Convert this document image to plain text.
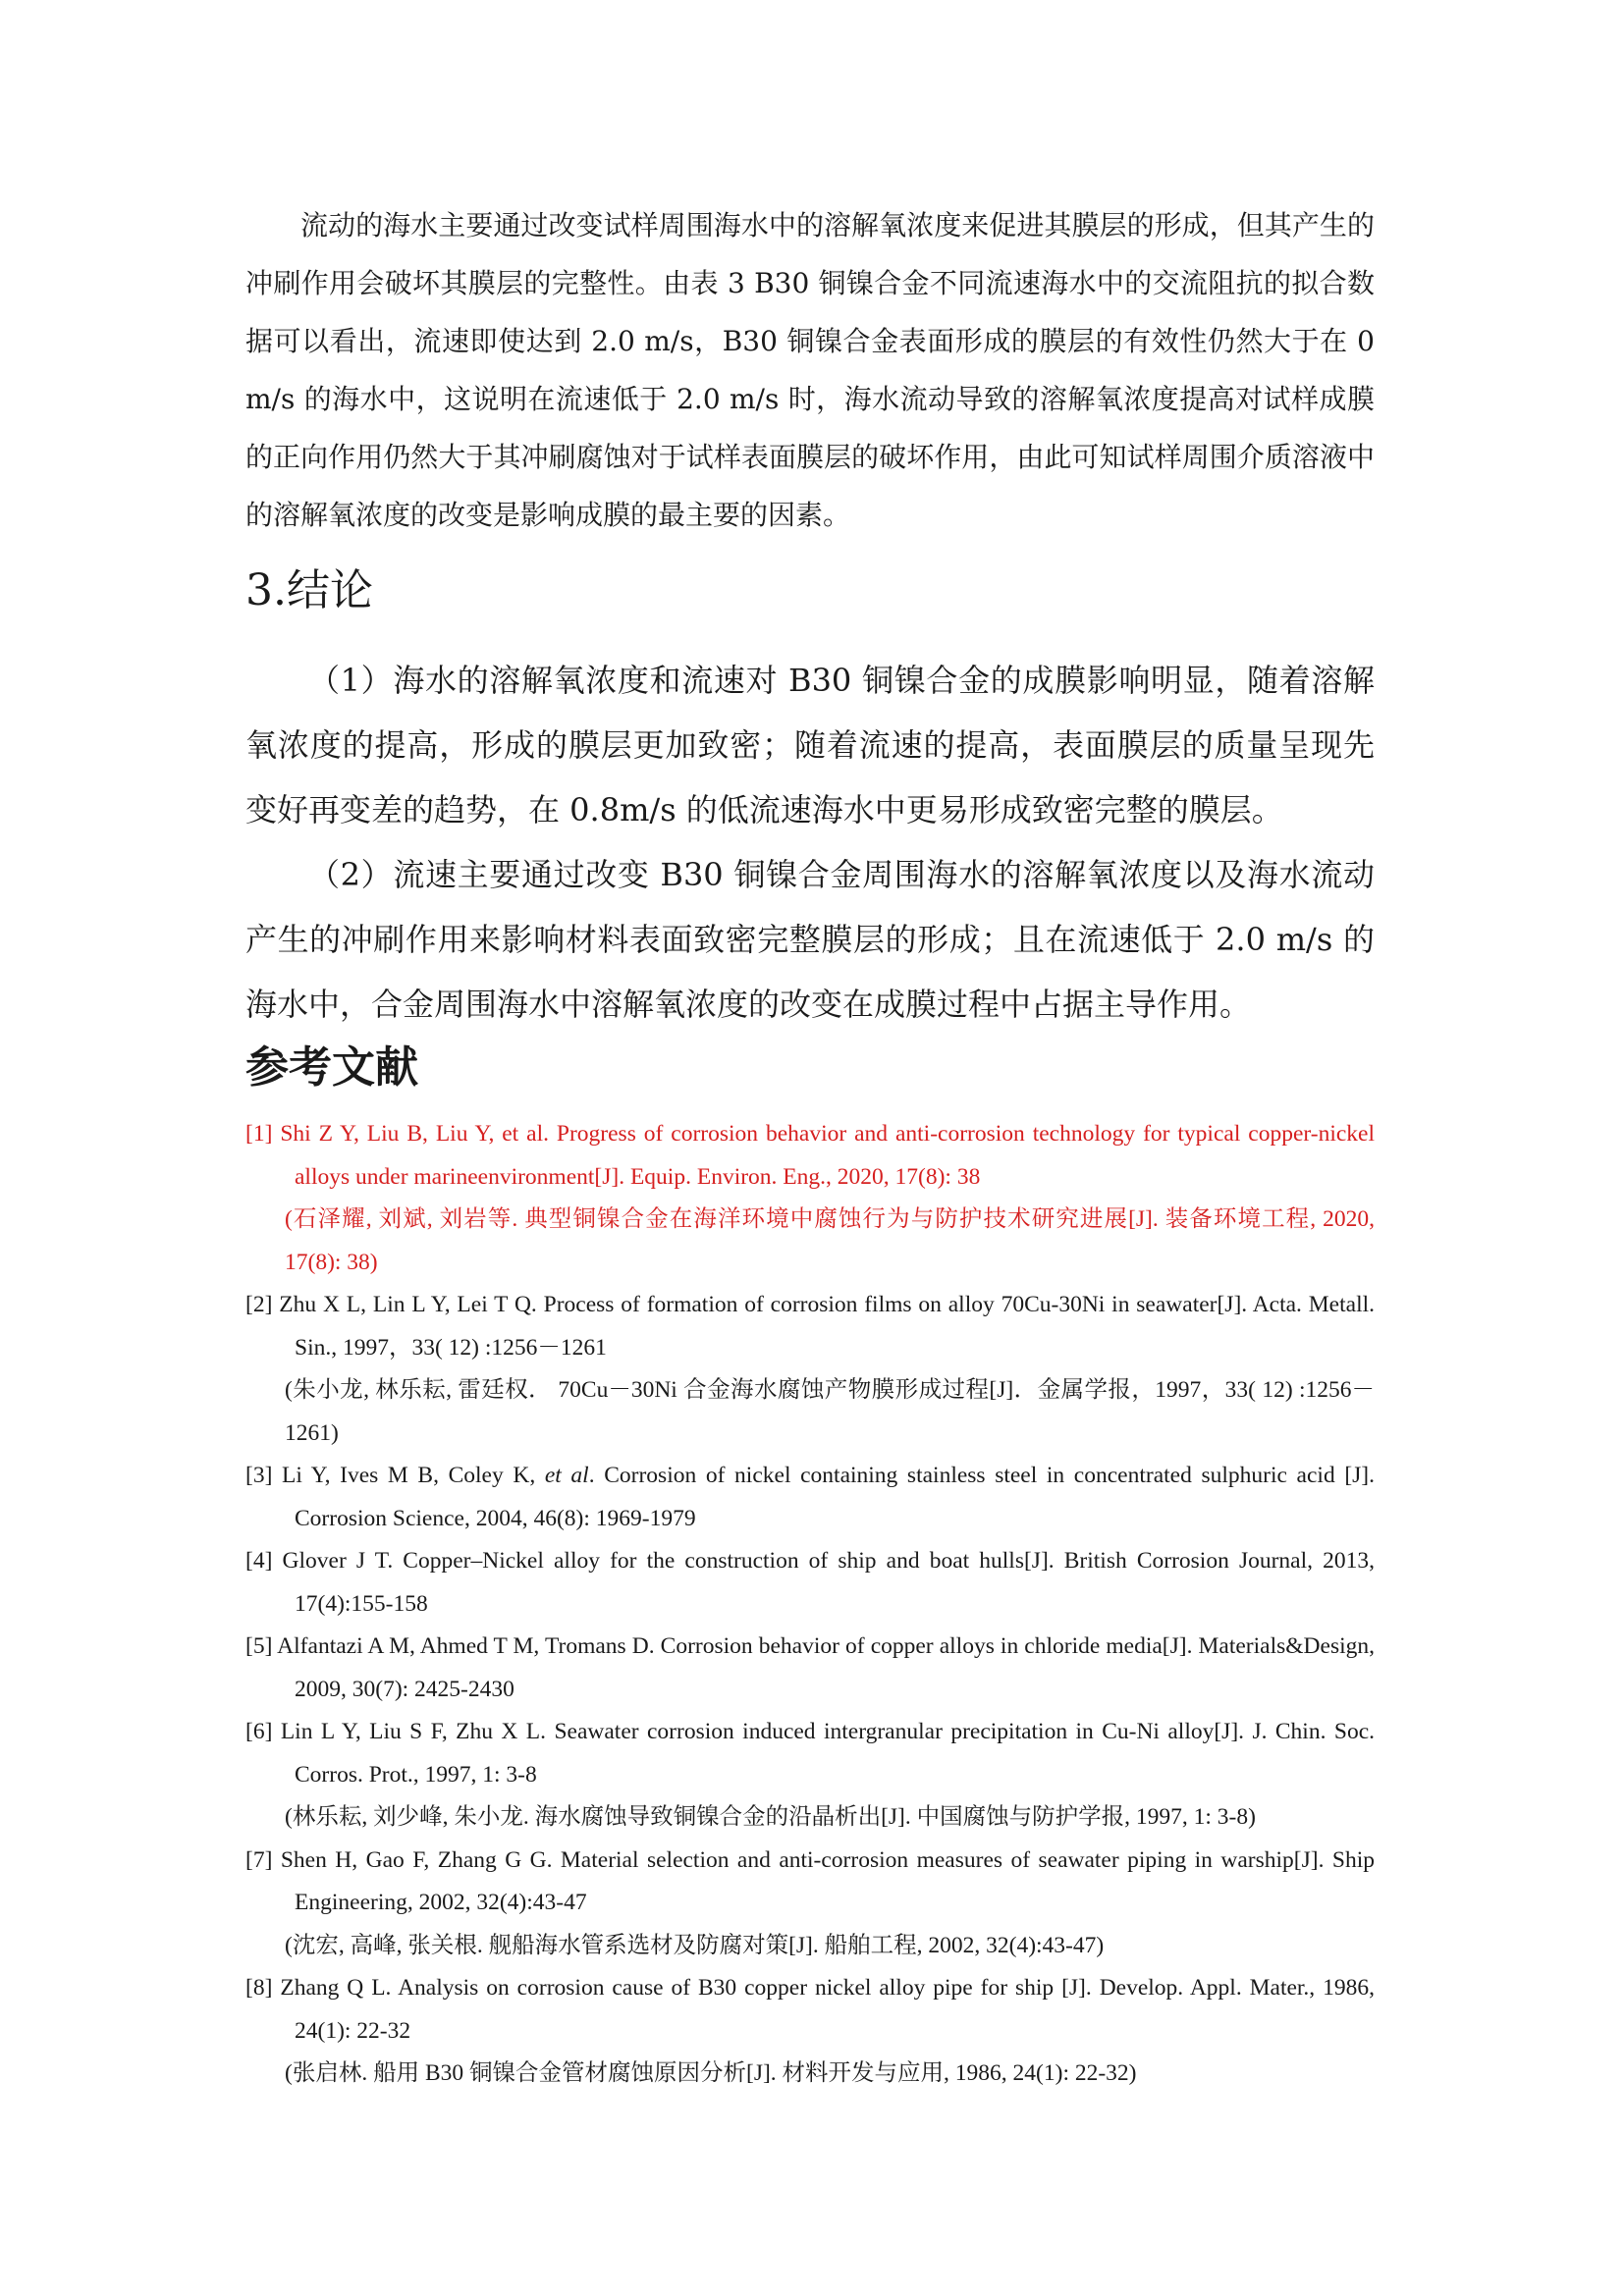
流动的海水主要通过改变试样周围海水中的溶解氧浓度来促进其膜层的形成，但其产生的冲刷作用会破坏其膜层的完整性。由表 3 B30 铜镍合金不同流速海水中的交流阻抗的拟合数据可以看出，流速即使达到 2.0 m/s，B30 铜镍合金表面形成的膜层的有效性仍然大于在 0 m/s 的海水中，这说明在流速低于 2.0 m/s 时，海水流动导致的溶解氧浓度提高对试样成膜的正向作用仍然大于其冲刷腐蚀对于试样表面膜层的破坏作用，由此可知试样周围介质溶液中的溶解氧浓度的改变是影响成膜的最主要的因素。

3.结论

（1）海水的溶解氧浓度和流速对 B30 铜镍合金的成膜影响明显，随着溶解氧浓度的提高，形成的膜层更加致密；随着流速的提高，表面膜层的质量呈现先变好再变差的趋势，在 0.8m/s 的低流速海水中更易形成致密完整的膜层。

（2）流速主要通过改变 B30 铜镍合金周围海水的溶解氧浓度以及海水流动产生的冲刷作用来影响材料表面致密完整膜层的形成；且在流速低于 2.0 m/s 的海水中，合金周围海水中溶解氧浓度的改变在成膜过程中占据主导作用。

参考文献
[1] Shi Z Y, Liu B, Liu Y, et al. Progress of corrosion behavior and anti-corrosion technology for typical copper-nickel alloys under marineenvironment[J]. Equip. Environ. Eng., 2020, 17(8): 38
(石泽耀, 刘斌, 刘岩等. 典型铜镍合金在海洋环境中腐蚀行为与防护技术研究进展[J]. 装备环境工程, 2020, 17(8): 38)
[2] Zhu X L, Lin L Y, Lei T Q. Process of formation of corrosion films on alloy 70Cu-30Ni in seawater[J]. Acta. Metall. Sin., 1997，33( 12) :1256－1261
(朱小龙, 林乐耘, 雷廷权． 70Cu－30Ni 合金海水腐蚀产物膜形成过程[J]．金属学报，1997，33( 12) :1256－1261)
[3] Li Y, Ives M B, Coley K, et al. Corrosion of nickel containing stainless steel in concentrated sulphuric acid [J]. Corrosion Science, 2004, 46(8): 1969-1979
[4] Glover J T. Copper–Nickel alloy for the construction of ship and boat hulls[J]. British Corrosion Journal, 2013, 17(4):155-158
[5] Alfantazi A M, Ahmed T M, Tromans D. Corrosion behavior of copper alloys in chloride media[J]. Materials&Design, 2009, 30(7): 2425-2430
[6] Lin L Y, Liu S F, Zhu X L. Seawater corrosion induced intergranular precipitation in Cu-Ni alloy[J]. J. Chin. Soc. Corros. Prot., 1997, 1: 3-8
(林乐耘, 刘少峰, 朱小龙. 海水腐蚀导致铜镍合金的沿晶析出[J]. 中国腐蚀与防护学报, 1997, 1: 3-8)
[7] Shen H, Gao F, Zhang G G. Material selection and anti-corrosion measures of seawater piping in warship[J]. Ship Engineering, 2002, 32(4):43-47
(沈宏, 高峰, 张关根. 舰船海水管系选材及防腐对策[J]. 船舶工程, 2002, 32(4):43-47)
[8] Zhang Q L. Analysis on corrosion cause of B30 copper nickel alloy pipe for ship [J]. Develop. Appl. Mater., 1986, 24(1): 22-32
(张启林. 船用 B30 铜镍合金管材腐蚀原因分析[J]. 材料开发与应用, 1986, 24(1): 22-32)
